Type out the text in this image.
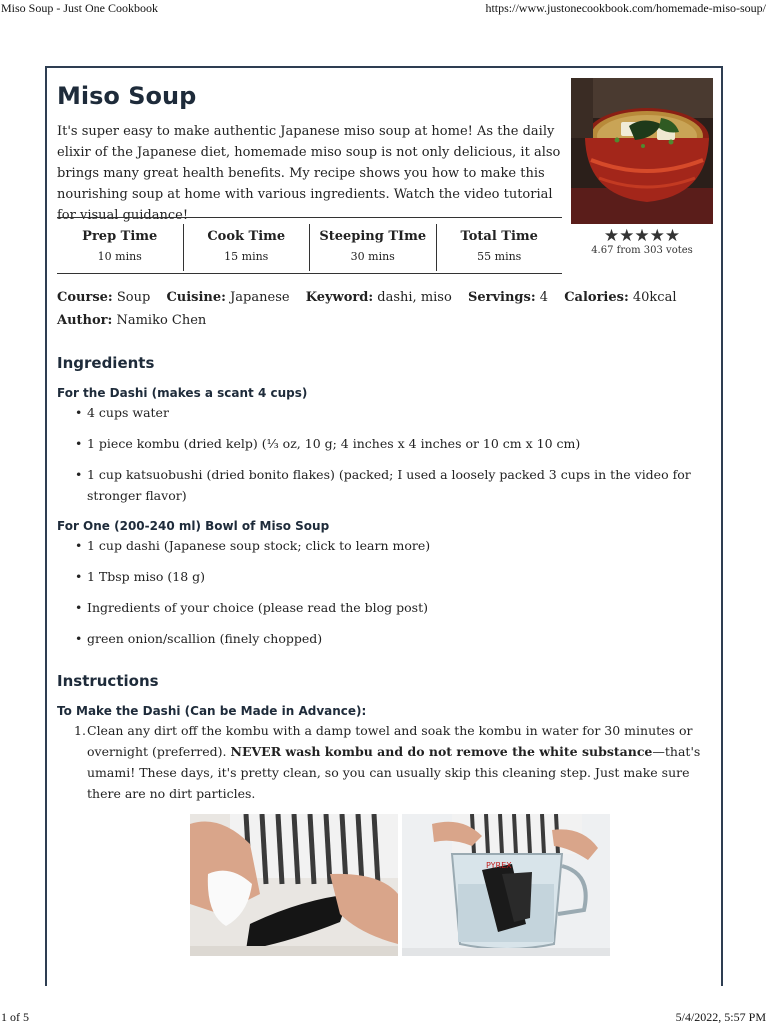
Miso Soup - Just One Cookbook	https://www.justonecookbook.com/homemade-miso-soup/
Miso Soup

It's super easy to make authentic Japanese miso soup at home! As the daily elixir of the Japanese diet, homemade miso soup is not only delicious, it also brings many great health benefits. My recipe shows you how to make this nourishing soup at home with various ingredients. Watch the video tutorial for visual guidance!

★★★★★
4.67 from 303 votes
Prep Time
10 mins
Cook Time
15 mins
Steeping TIme
30 mins
Total Time
55 mins
Course: Soup Cuisine: Japanese Keyword: dashi, miso Servings: 4 Calories: 40kcal
Author: Namiko Chen
Ingredients
For the Dashi (makes a scant 4 cups)
• 4 cups water
• 1 piece kombu (dried kelp) (⅓ oz, 10 g; 4 inches x 4 inches or 10 cm x 10 cm)
• 1 cup katsuobushi (dried bonito flakes) (packed; I used a loosely packed 3 cups in the video for stronger flavor)
For One (200-240 ml) Bowl of Miso Soup
• 1 cup dashi (Japanese soup stock; click to learn more)
• 1 Tbsp miso (18 g)
• Ingredients of your choice (please read the blog post)
• green onion/scallion (finely chopped)
Instructions
To Make the Dashi (Can be Made in Advance):
1. Clean any dirt off the kombu with a damp towel and soak the kombu in water for 30 minutes or overnight (preferred). NEVER wash kombu and do not remove the white substance—that's umami! These days, it's pretty clean, so you can usually skip this cleaning step. Just make sure there are no dirt particles.
PYREX
1 of 5	5/4/2022, 5:57 PM
